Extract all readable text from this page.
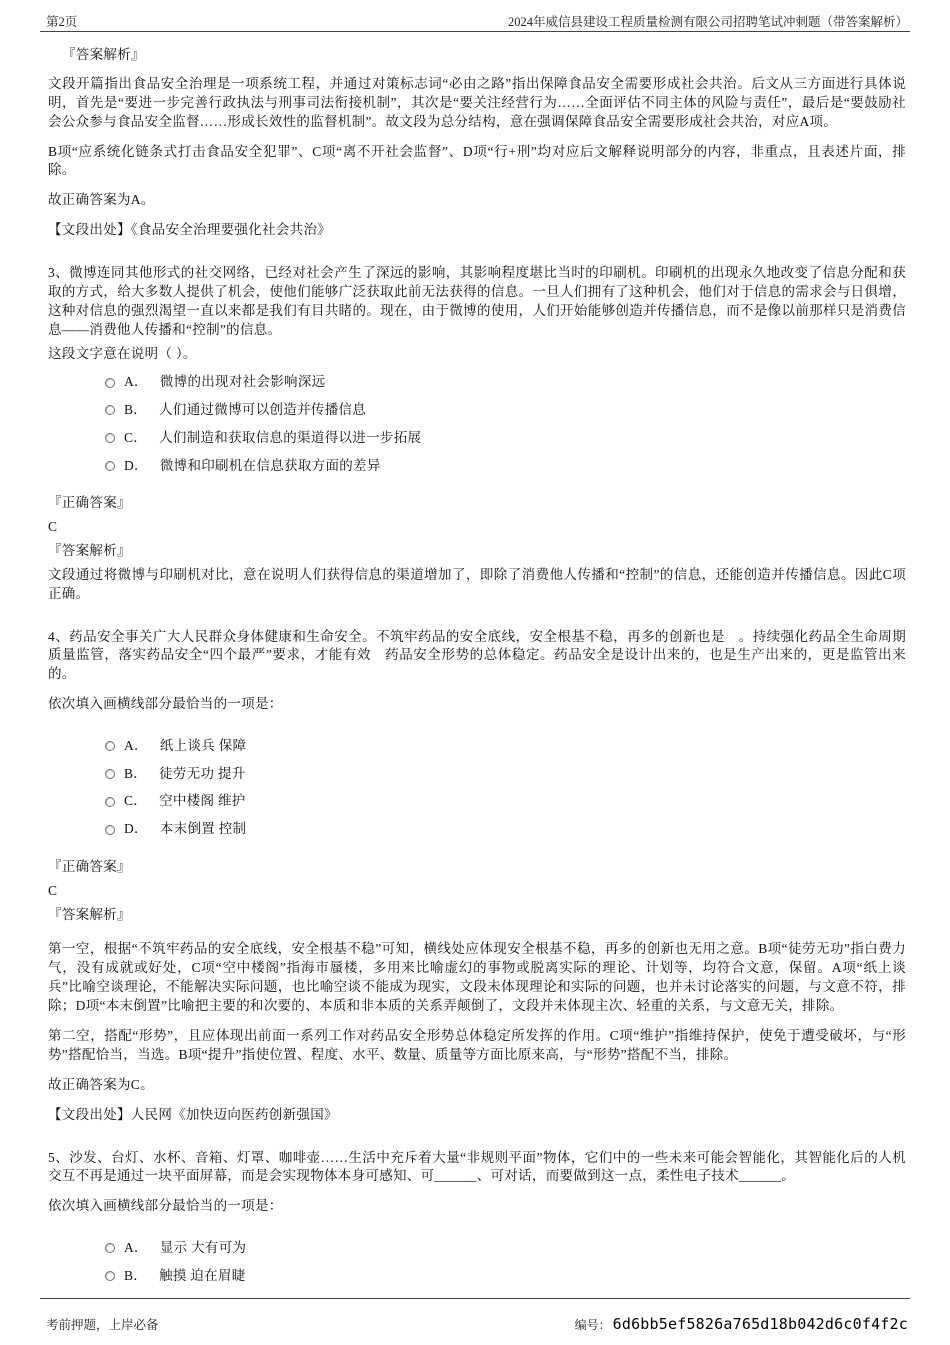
第2页	2024年威信县建设工程质量检测有限公司招聘笔试冲刺题（带答案解析）

『答案解析』

文段开篇指出食品安全治理是一项系统工程，并通过对策标志词“必由之路”指出保障食品安全需要形成社会共治。后文从三方面进行具体说明，首先是“要进一步完善行政执法与刑事司法衔接机制”，其次是“要关注经营行为……全面评估不同主体的风险与责任”，最后是“要鼓励社会公众参与食品安全监督……形成长效性的监督机制”。故文段为总分结构，意在强调保障食品安全需要形成社会共治，对应A项。

B项“应系统化链条式打击食品安全犯罪”、C项“离不开社会监督”、D项“行+刑”均对应后文解释说明部分的内容，非重点，且表述片面，排除。

故正确答案为A。

【文段出处】《食品安全治理要强化社会共治》

3、微博连同其他形式的社交网络，已经对社会产生了深远的影响，其影响程度堪比当时的印刷机。印刷机的出现永久地改变了信息分配和获取的方式，给大多数人提供了机会，使他们能够广泛获取此前无法获得的信息。一旦人们拥有了这种机会，他们对于信息的需求会与日俱增，这种对信息的强烈渴望一直以来都是我们有目共睹的。现在，由于微博的使用，人们开始能够创造并传播信息，而不是像以前那样只是消费信息——消费他人传播和“控制”的信息。

这段文字意在说明（ ）。

A． 微博的出现对社会影响深远
B． 人们通过微博可以创造并传播信息
C． 人们制造和获取信息的渠道得以进一步拓展
D． 微博和印刷机在信息获取方面的差异

『正确答案』

C

『答案解析』

文段通过将微博与印刷机对比，意在说明人们获得信息的渠道增加了，即除了消费他人传播和“控制”的信息，还能创造并传播信息。因此C项正确。

4、药品安全事关广大人民群众身体健康和生命安全。不筑牢药品的安全底线，安全根基不稳，再多的创新也是　。持续强化药品全生命周期质量监管，落实药品安全“四个最严”要求，才能有效　药品安全形势的总体稳定。药品安全是设计出来的，也是生产出来的，更是监管出来的。

依次填入画横线部分最恰当的一项是：

A． 纸上谈兵 保障
B． 徒劳无功 提升
C． 空中楼阁 维护
D． 本末倒置 控制

『正确答案』

C

『答案解析』

第一空，根据“不筑牢药品的安全底线，安全根基不稳”可知，横线处应体现安全根基不稳，再多的创新也无用之意。B项“徒劳无功”指白费力气，没有成就或好处，C项“空中楼阁”指海市蜃楼，多用来比喻虚幻的事物或脱离实际的理论、计划等，均符合文意，保留。A项“纸上谈兵”比喻空谈理论，不能解决实际问题，也比喻空谈不能成为现实，文段未体现理论和实际的问题，也并未讨论落实的问题，与文意不符，排除；D项“本末倒置”比喻把主要的和次要的、本质和非本质的关系弄颠倒了，文段并未体现主次、轻重的关系，与文意无关，排除。

第二空，搭配“形势”，且应体现出前面一系列工作对药品安全形势总体稳定所发挥的作用。C项“维护”指维持保护，使免于遭受破坏，与“形势”搭配恰当，当选。B项“提升”指使位置、程度、水平、数量、质量等方面比原来高，与“形势”搭配不当，排除。

故正确答案为C。

【文段出处】人民网《加快迈向医药创新强国》

5、沙发、台灯、水杯、音箱、灯罩、咖啡壶……生活中充斥着大量“非规则平面”物体，它们中的一些未来可能会智能化，其智能化后的人机交互不再是通过一块平面屏幕，而是会实现物体本身可感知、可______、可对话，而要做到这一点，柔性电子技术______。

依次填入画横线部分最恰当的一项是：

A． 显示 大有可为
B． 触摸 迫在眉睫
考前押题，上岸必备	编号： 6d6bb5ef5826a765d18b042d6c0f4f2c
